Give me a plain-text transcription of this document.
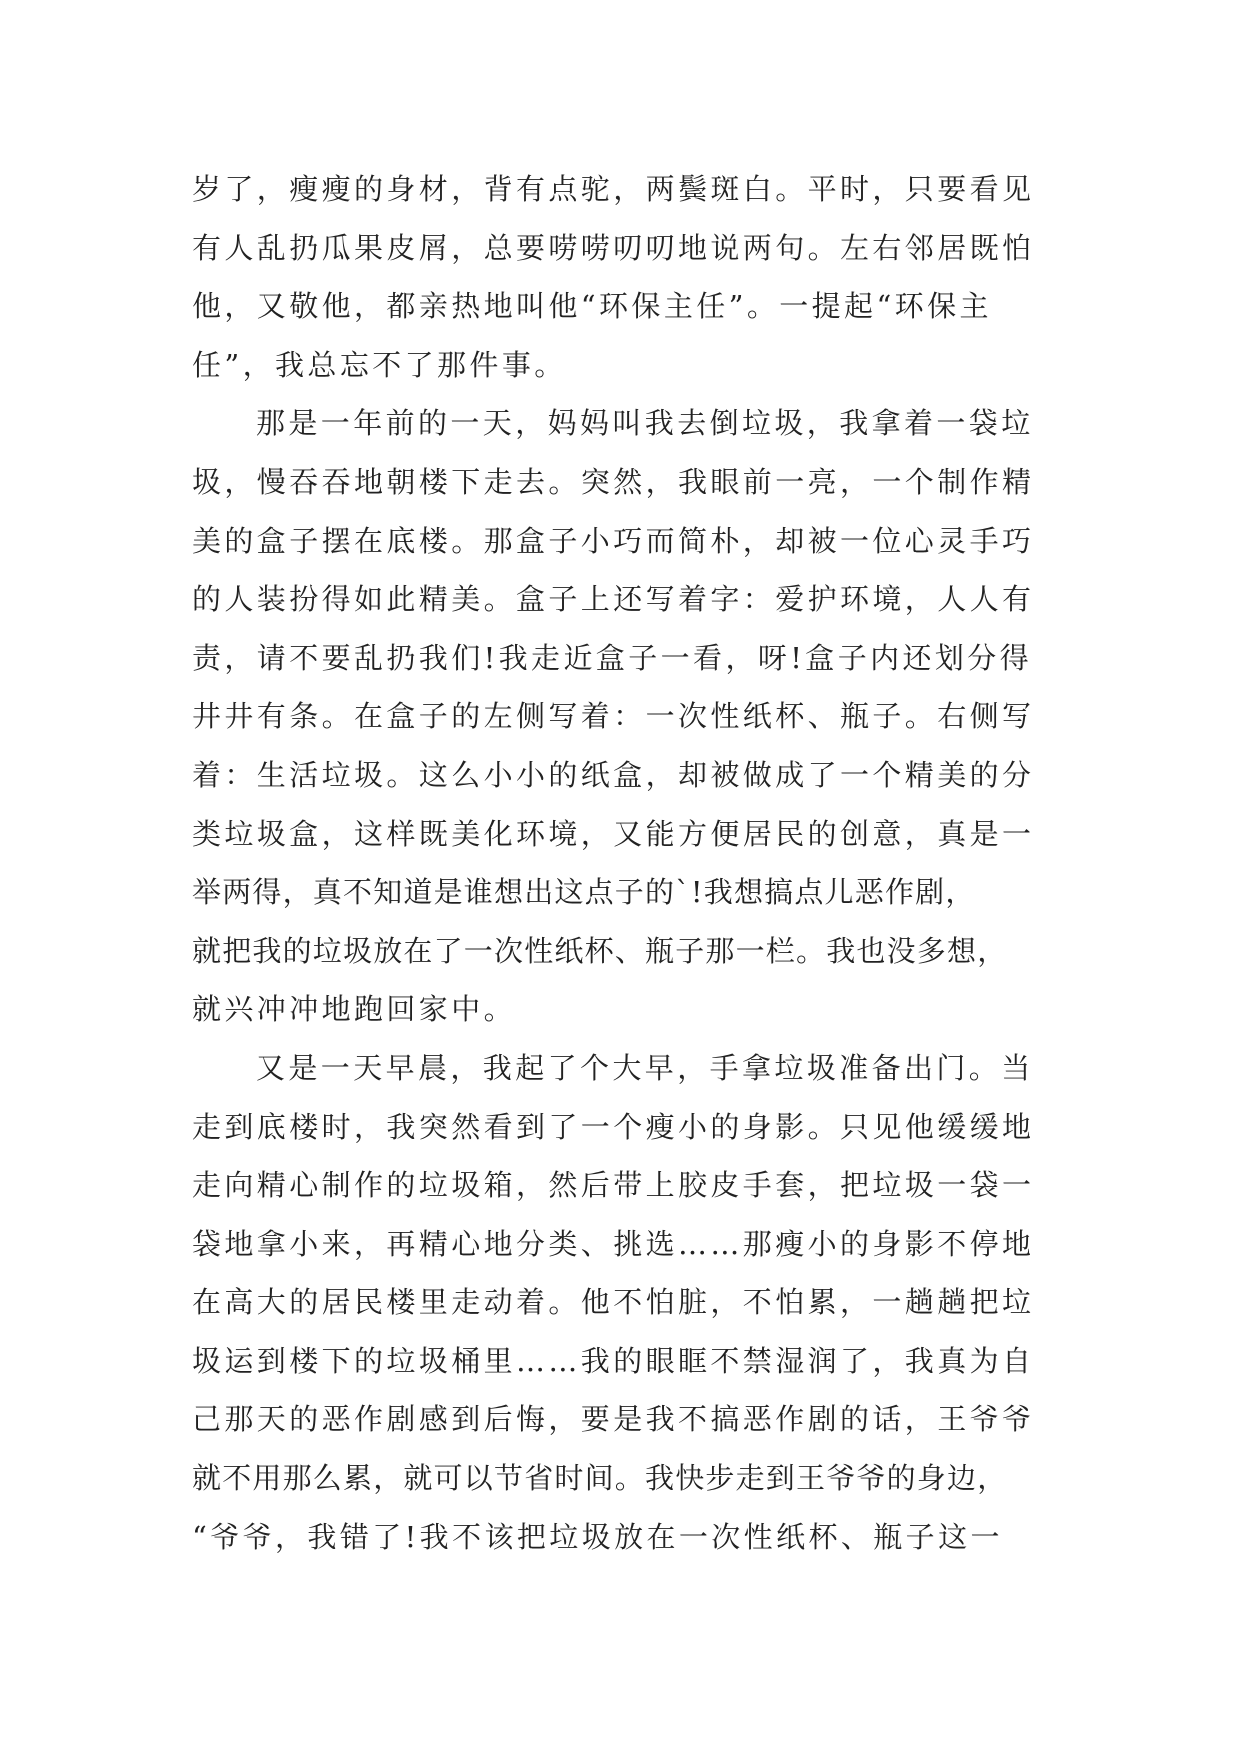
岁了，瘦瘦的身材，背有点驼，两鬓斑白。平时，只要看见
有人乱扔瓜果皮屑，总要唠唠叨叨地说两句。左右邻居既怕
他，又敬他，都亲热地叫他“环保主任”。一提起“环保主
任”，我总忘不了那件事。
那是一年前的一天，妈妈叫我去倒垃圾，我拿着一袋垃
圾，慢吞吞地朝楼下走去。突然，我眼前一亮，一个制作精
美的盒子摆在底楼。那盒子小巧而简朴，却被一位心灵手巧
的人装扮得如此精美。盒子上还写着字：爱护环境，人人有
责，请不要乱扔我们!我走近盒子一看，呀!盒子内还划分得
井井有条。在盒子的左侧写着：一次性纸杯、瓶子。右侧写
着：生活垃圾。这么小小的纸盒，却被做成了一个精美的分
类垃圾盒，这样既美化环境，又能方便居民的创意，真是一
举两得，真不知道是谁想出这点子的`!我想搞点儿恶作剧，
就把我的垃圾放在了一次性纸杯、瓶子那一栏。我也没多想，
就兴冲冲地跑回家中。
又是一天早晨，我起了个大早，手拿垃圾准备出门。当
走到底楼时，我突然看到了一个瘦小的身影。只见他缓缓地
走向精心制作的垃圾箱，然后带上胶皮手套，把垃圾一袋一
袋地拿小来，再精心地分类、挑选……那瘦小的身影不停地
在高大的居民楼里走动着。他不怕脏，不怕累，一趟趟把垃
圾运到楼下的垃圾桶里……我的眼眶不禁湿润了，我真为自
己那天的恶作剧感到后悔，要是我不搞恶作剧的话，王爷爷
就不用那么累，就可以节省时间。我快步走到王爷爷的身边，
“爷爷，我错了!我不该把垃圾放在一次性纸杯、瓶子这一
